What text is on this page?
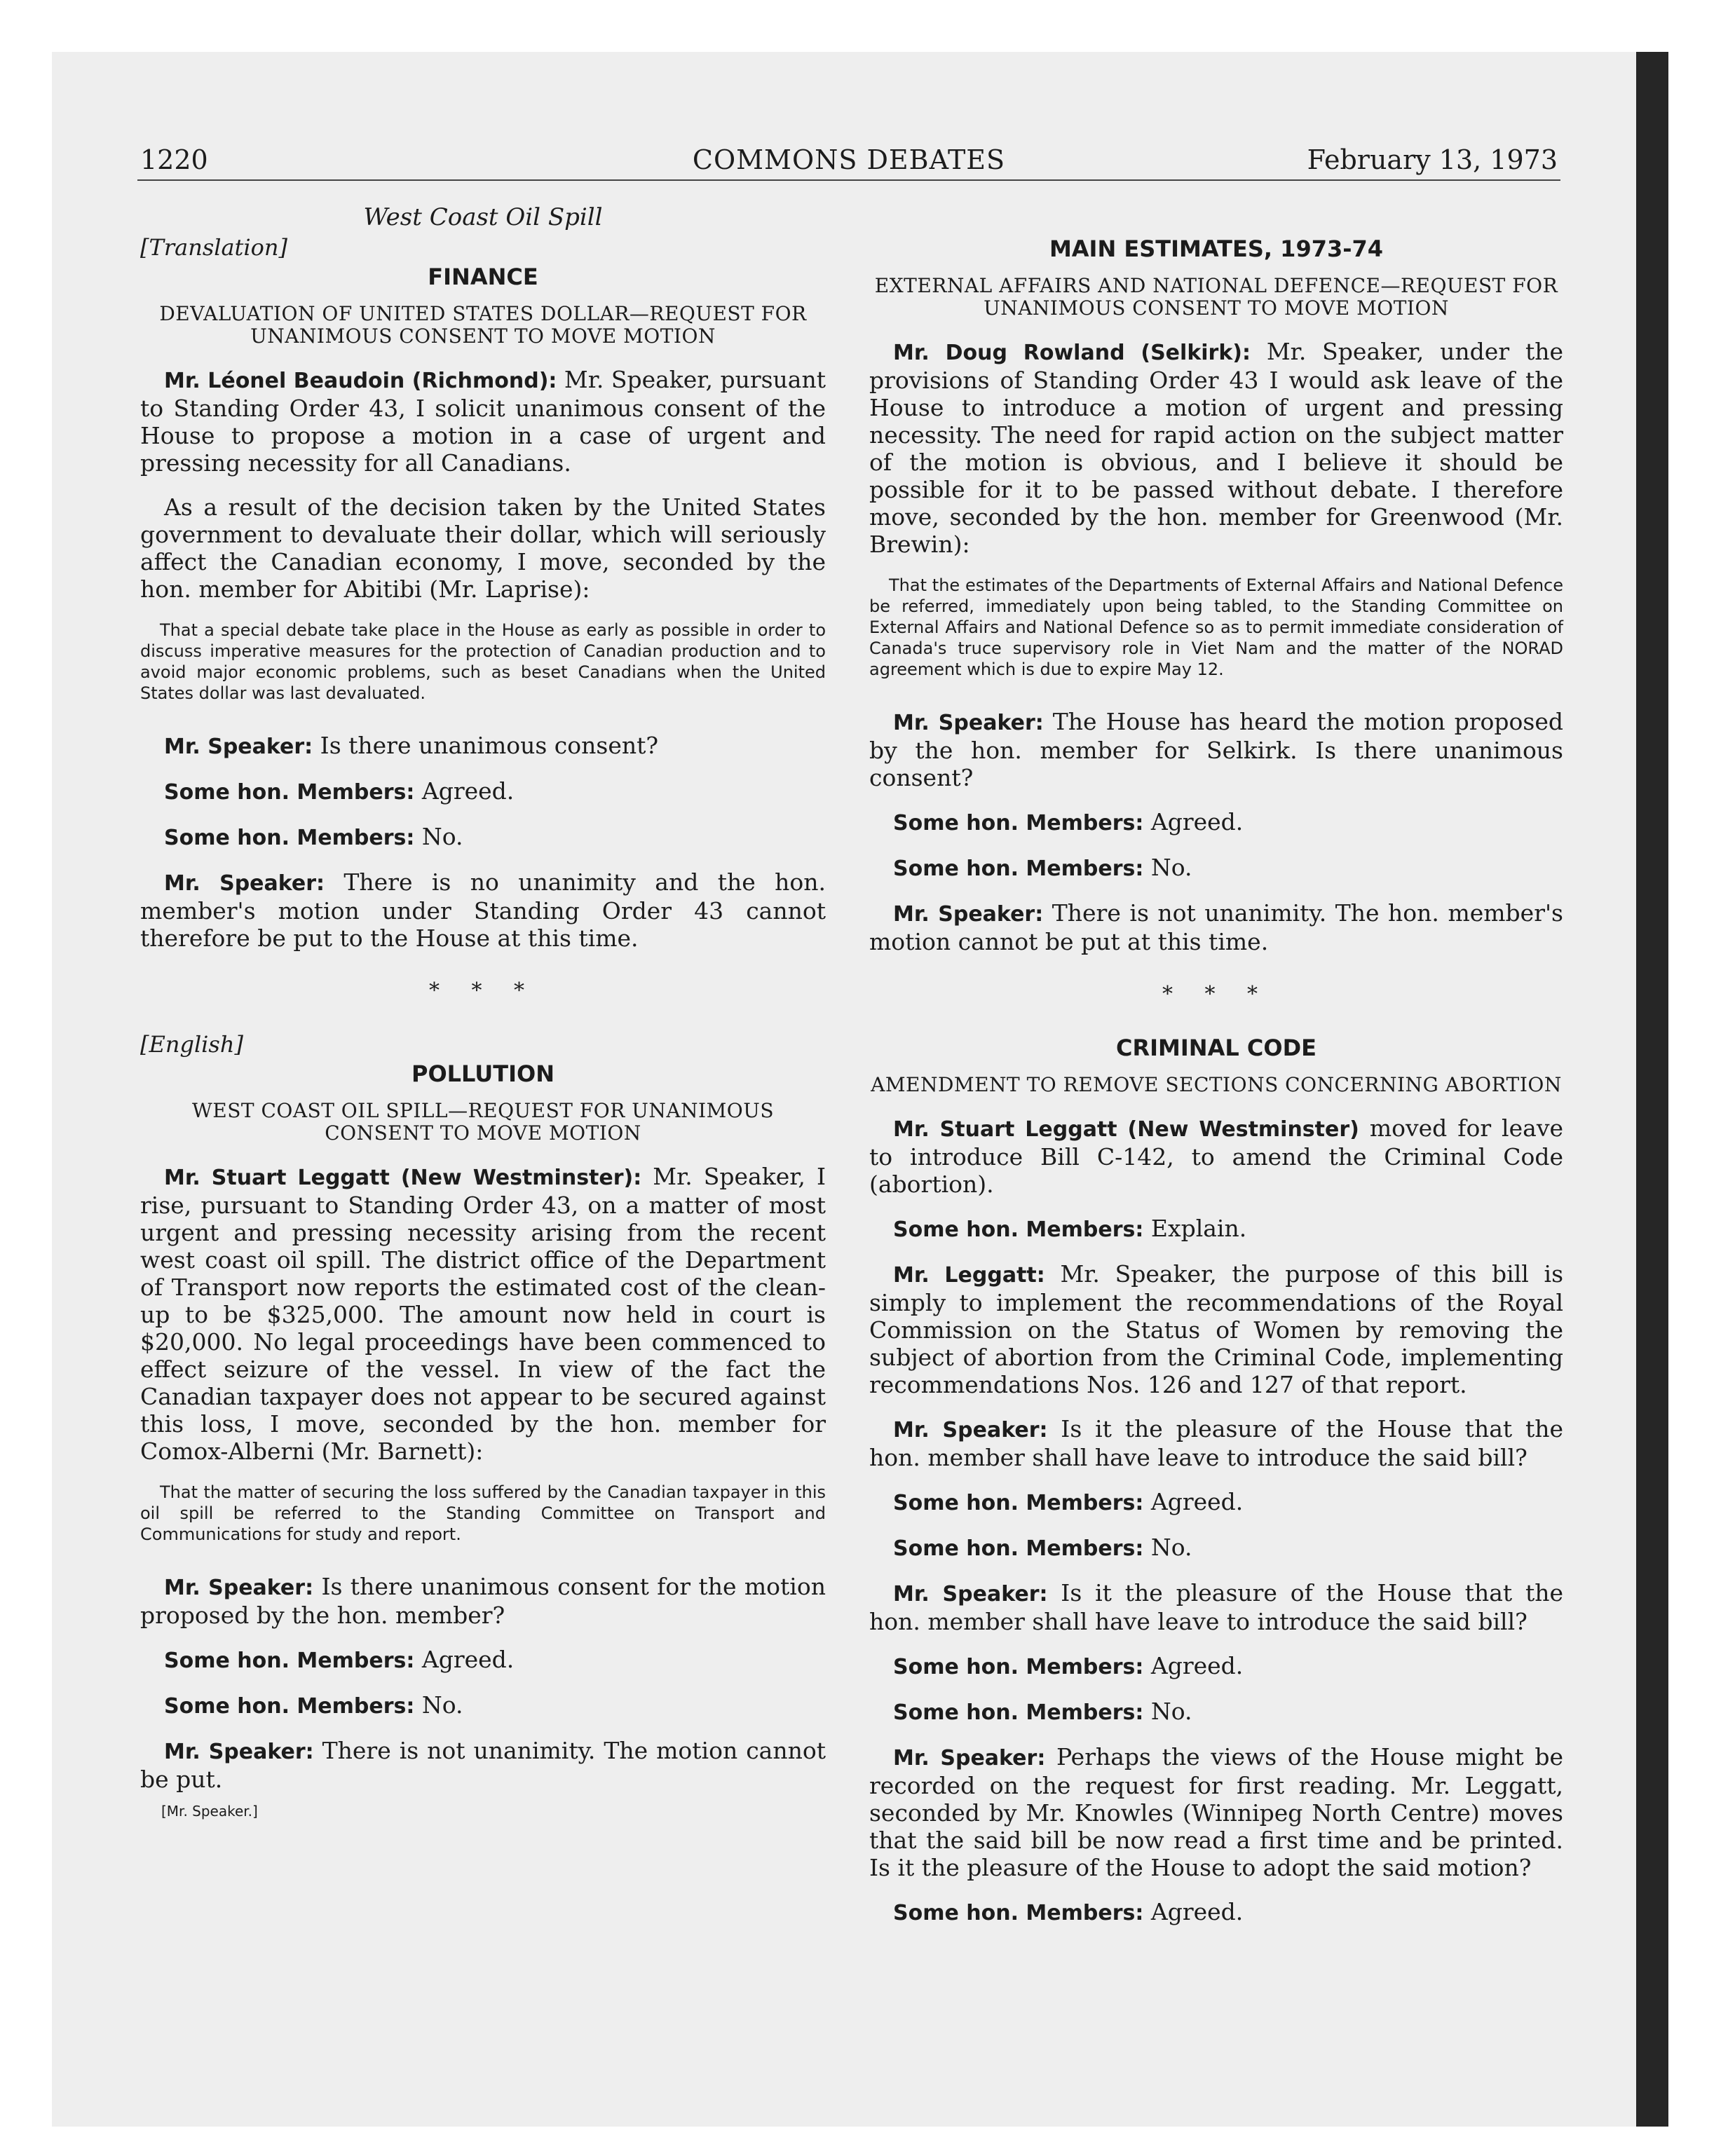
1220	COMMONS DEBATES	February 13, 1973
West Coast Oil Spill
[Translation]
FINANCE
DEVALUATION OF UNITED STATES DOLLAR—REQUEST FOR UNANIMOUS CONSENT TO MOVE MOTION

Mr. Léonel Beaudoin (Richmond): Mr. Speaker, pursuant to Standing Order 43, I solicit unanimous consent of the House to propose a motion in a case of urgent and pressing necessity for all Canadians.

As a result of the decision taken by the United States government to devaluate their dollar, which will seriously affect the Canadian economy, I move, seconded by the hon. member for Abitibi (Mr. Laprise):

That a special debate take place in the House as early as possible in order to discuss imperative measures for the protection of Canadian production and to avoid major economic problems, such as beset Canadians when the United States dollar was last devaluated.

Mr. Speaker: Is there unanimous consent?

Some hon. Members: Agreed.

Some hon. Members: No.

Mr. Speaker: There is no unanimity and the hon. member's motion under Standing Order 43 cannot therefore be put to the House at this time.

* * *
[English]
POLLUTION
WEST COAST OIL SPILL—REQUEST FOR UNANIMOUS CONSENT TO MOVE MOTION

Mr. Stuart Leggatt (New Westminster): Mr. Speaker, I rise, pursuant to Standing Order 43, on a matter of most urgent and pressing necessity arising from the recent west coast oil spill. The district office of the Department of Transport now reports the estimated cost of the clean-up to be $325,000. The amount now held in court is $20,000. No legal proceedings have been commenced to effect seizure of the vessel. In view of the fact the Canadian taxpayer does not appear to be secured against this loss, I move, seconded by the hon. member for Comox-Alberni (Mr. Barnett):

That the matter of securing the loss suffered by the Canadian taxpayer in this oil spill be referred to the Standing Committee on Transport and Communications for study and report.

Mr. Speaker: Is there unanimous consent for the motion proposed by the hon. member?

Some hon. Members: Agreed.

Some hon. Members: No.

Mr. Speaker: There is not unanimity. The motion cannot be put.

[Mr. Speaker.]
MAIN ESTIMATES, 1973-74
EXTERNAL AFFAIRS AND NATIONAL DEFENCE—REQUEST FOR UNANIMOUS CONSENT TO MOVE MOTION

Mr. Doug Rowland (Selkirk): Mr. Speaker, under the provisions of Standing Order 43 I would ask leave of the House to introduce a motion of urgent and pressing necessity. The need for rapid action on the subject matter of the motion is obvious, and I believe it should be possible for it to be passed without debate. I therefore move, seconded by the hon. member for Greenwood (Mr. Brewin):

That the estimates of the Departments of External Affairs and National Defence be referred, immediately upon being tabled, to the Standing Committee on External Affairs and National Defence so as to permit immediate consideration of Canada's truce supervisory role in Viet Nam and the matter of the NORAD agreement which is due to expire May 12.

Mr. Speaker: The House has heard the motion proposed by the hon. member for Selkirk. Is there unanimous consent?

Some hon. Members: Agreed.

Some hon. Members: No.

Mr. Speaker: There is not unanimity. The hon. member's motion cannot be put at this time.

* * *
CRIMINAL CODE
AMENDMENT TO REMOVE SECTIONS CONCERNING ABORTION

Mr. Stuart Leggatt (New Westminster) moved for leave to introduce Bill C-142, to amend the Criminal Code (abortion).

Some hon. Members: Explain.

Mr. Leggatt: Mr. Speaker, the purpose of this bill is simply to implement the recommendations of the Royal Commission on the Status of Women by removing the subject of abortion from the Criminal Code, implementing recommendations Nos. 126 and 127 of that report.

Mr. Speaker: Is it the pleasure of the House that the hon. member shall have leave to introduce the said bill?

Some hon. Members: Agreed.

Some hon. Members: No.

Mr. Speaker: Is it the pleasure of the House that the hon. member shall have leave to introduce the said bill?

Some hon. Members: Agreed.

Some hon. Members: No.

Mr. Speaker: Perhaps the views of the House might be recorded on the request for first reading. Mr. Leggatt, seconded by Mr. Knowles (Winnipeg North Centre) moves that the said bill be now read a first time and be printed. Is it the pleasure of the House to adopt the said motion?

Some hon. Members: Agreed.
